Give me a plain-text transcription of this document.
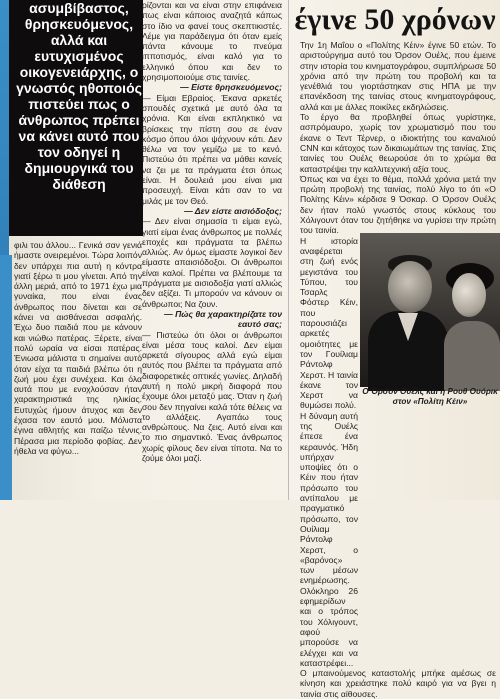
ασυμβίβαστος, θρησκευόμενος, αλλά και ευτυχισμένος οικογενειάρχης, ο γνωστός ηθοποιός πιστεύει πως ο άνθρωπος πρέπει να κάνει αυτό που τον οδηγεί η δημιουργικά του διάθεση

φιλι του άλλου... Γενικά σαν γενιά ήμαστε ονειρεμένοι. Τώρα λοιπόν δεν υπάρχει πια αυτή η κόντρα γιατί ξέρω τι μου γίνεται. Από την άλλη μεριά, από το 1971 έχω μια γυναίκα, που είναι ένας άνθρωπος που δίνεται και σε κάνει να αισθάνεσαι ασφαλής. Έχω δυο παιδιά που με κάνουν και νιώθω πατέρας. Ξέρετε, είναι πολύ ωραία να είσαι πατέρας. Ένιωσα μάλιστα τι σημαίνει αυτό όταν είχα τα παιδιά βλέπω ότι η ζωή μου έχει συνέχεια. Και όλα αυτά που με ενοχλούσαν ήταν χαρακτηριστικά της ηλικίας. Ευτυχώς ήμουν άτυχος και δεν έχασα τον εαυτό μου. Μόλιστα έγινα αθλητής και παίζω τέννις. Πέρασα μια περίοδο φοβίας. Δεν ήθελα να φύγω...

ρίζονται και να είναι στην επιφάνεια πως είναι κάποιος αναζητά κάπως στο ίδιο να φανεί τους σκεπτικιστές. Λέμε για παράδειγμα ότι όταν εμείς πάντα κάνουμε το πνεύμα ιπποτισμός, είναι καλό για το ελληνικό όπου και δεν το χρησιμοποιούμε στις ταινίες.

— Είστε θρησκευόμενος;

— Είμαι Εβραίος. Έκανα αρκετές σπουδές σχετικά με αυτό όλα τα χρόνια. Και είναι εκπληκτικό να βρίσκεις την πίστη σου σε έναν κόσμο όπου όλοι ψάχνουν κάτι. Δεν θέλω να τον γεμίζω με το κενό. Πιστεύω ότι πρέπει να μάθει κανείς να ζει με τα πράγματα έτσι όπως είναι. Η δουλειά μου είναι μια προσευχή. Είναι κάτι σαν το να μιλάς με τον Θεό.

— Δεν είστε αισιόδοξος;

— Δεν είναι σημασία τι είμαι εγώ, γιατί είμαι ένας άνθρωπος με πολλές εποχές και πράγματα τα βλέπω αλλιώς. Αν όμως είμαστε λογικοί δεν είμαστε απαισιόδοξοι. Οι άνθρωποι είναι καλοί. Πρέπει να βλέπουμε τα πράγματα με αισιοδοξία γιατί αλλιώς δεν αξίζει. Τι μπορούν να κάνουν οι άνθρωποι; Να ζουν.

— Πώς θα χαρακτηρίζατε τον εαυτό σας;

— Πιστεύω ότι όλοι οι άνθρωποι είναι μέσα τους καλοί. Δεν είμαι αρκετά σίγουρος αλλά εγώ είμαι αυτός που βλέπει τα πράγματα από διαφορετικές οπτικές γωνίες. Δηλαδή αυτή η πολύ μικρή διαφορά που έχουμε όλοι μεταξύ μας. Όταν η ζωή σου δεν πηγαίνει καλά τότε θέλεις να το αλλάξεις. Αγαπάω τους ανθρώπους. Να ζεις. Αυτό είναι και το πιο σημαντικό. Ένας άνθρωπος χωρίς φίλους δεν είναι τίποτα. Να το ζούμε όλοι μαζί.

έγινε 50 χρόνων

Την 1η Μαΐου ο «Πολίτης Κέιν» έγινε 50 ετών. Το αριστούργημα αυτό του Όρσον Ουέλς, που έμεινε στην ιστορία του κινηματογράφου, συμπλήρωσε 50 χρόνια από την πρώτη του προβολή και τα γενέθλιά του γιορτάστηκαν στις ΗΠΑ με την επανέκδοση της ταινίας στους κινηματογράφους, αλλά και με άλλες ποικίλες εκδηλώσεις.

Το έργο θα προβληθεί όπως γυρίστηκε, ασπρόμαυρο, χωρίς τον χρωματισμό που του έκανε ο Τεντ Τέρνερ, ο ιδιοκτήτης του καναλιού CNN και κάτοχος των δικαιωμάτων της ταινίας. Στις ταινίες του Ουέλς θεωρούσε ότι το χρώμα θα καταστρέψει την καλλιτεχνική αξία τους.

Όπως και να έχει το θέμα, πολλά χρόνια μετά την πρώτη προβολή της ταινίας, πολύ λίγο το ότι «Ο Πολίτης Κέιν» κέρδισε 9 Όσκαρ. Ο Όρσον Ουέλς δεν ήταν πολύ γνωστός στους κύκλους του Χόλιγουντ όταν του ζητήθηκε να γυρίσει την πρώτη του ταινία.

Η ιστορία αναφέρεται στη ζωή ενός μεγιστάνα του Τύπου, του Τσαρλς Φόστερ Κέιν, που παρουσιάζει αρκετές ομοιότητες με τον Γουίλιαμ Ράντολφ Χερστ. Η ταινία έκανε τον Χερστ να θυμώσει πολύ.

Η δύναμη αυτή της Ουέλς έπεσε ένα κεραυνός. Ήδη υπήρχαν υποψίες ότι ο Κέιν που ήταν πρόσωπο του αντίπαλου με πραγματικό πρόσωπο, τον Ουίλιαμ Ράντολφ Χερστ, ο «βαρόνος» των μέσων ενημέρωσης. Ολόκληρο 26 εφημερίδων και ο τρόπος του Χόλιγουντ, αφού μπορούσε να ελέγχει και να καταστρέφει...

Ο μπαινούμενος καταστολής μπήκε αμέσως σε κίνηση και χρειάστηκε πολύ καιρό για να βγει η ταινία στις αίθουσες.

Ο Όρσον Ουέλς και η Ρουθ Ουόρικ στον «Πολίτη Κέιν»
